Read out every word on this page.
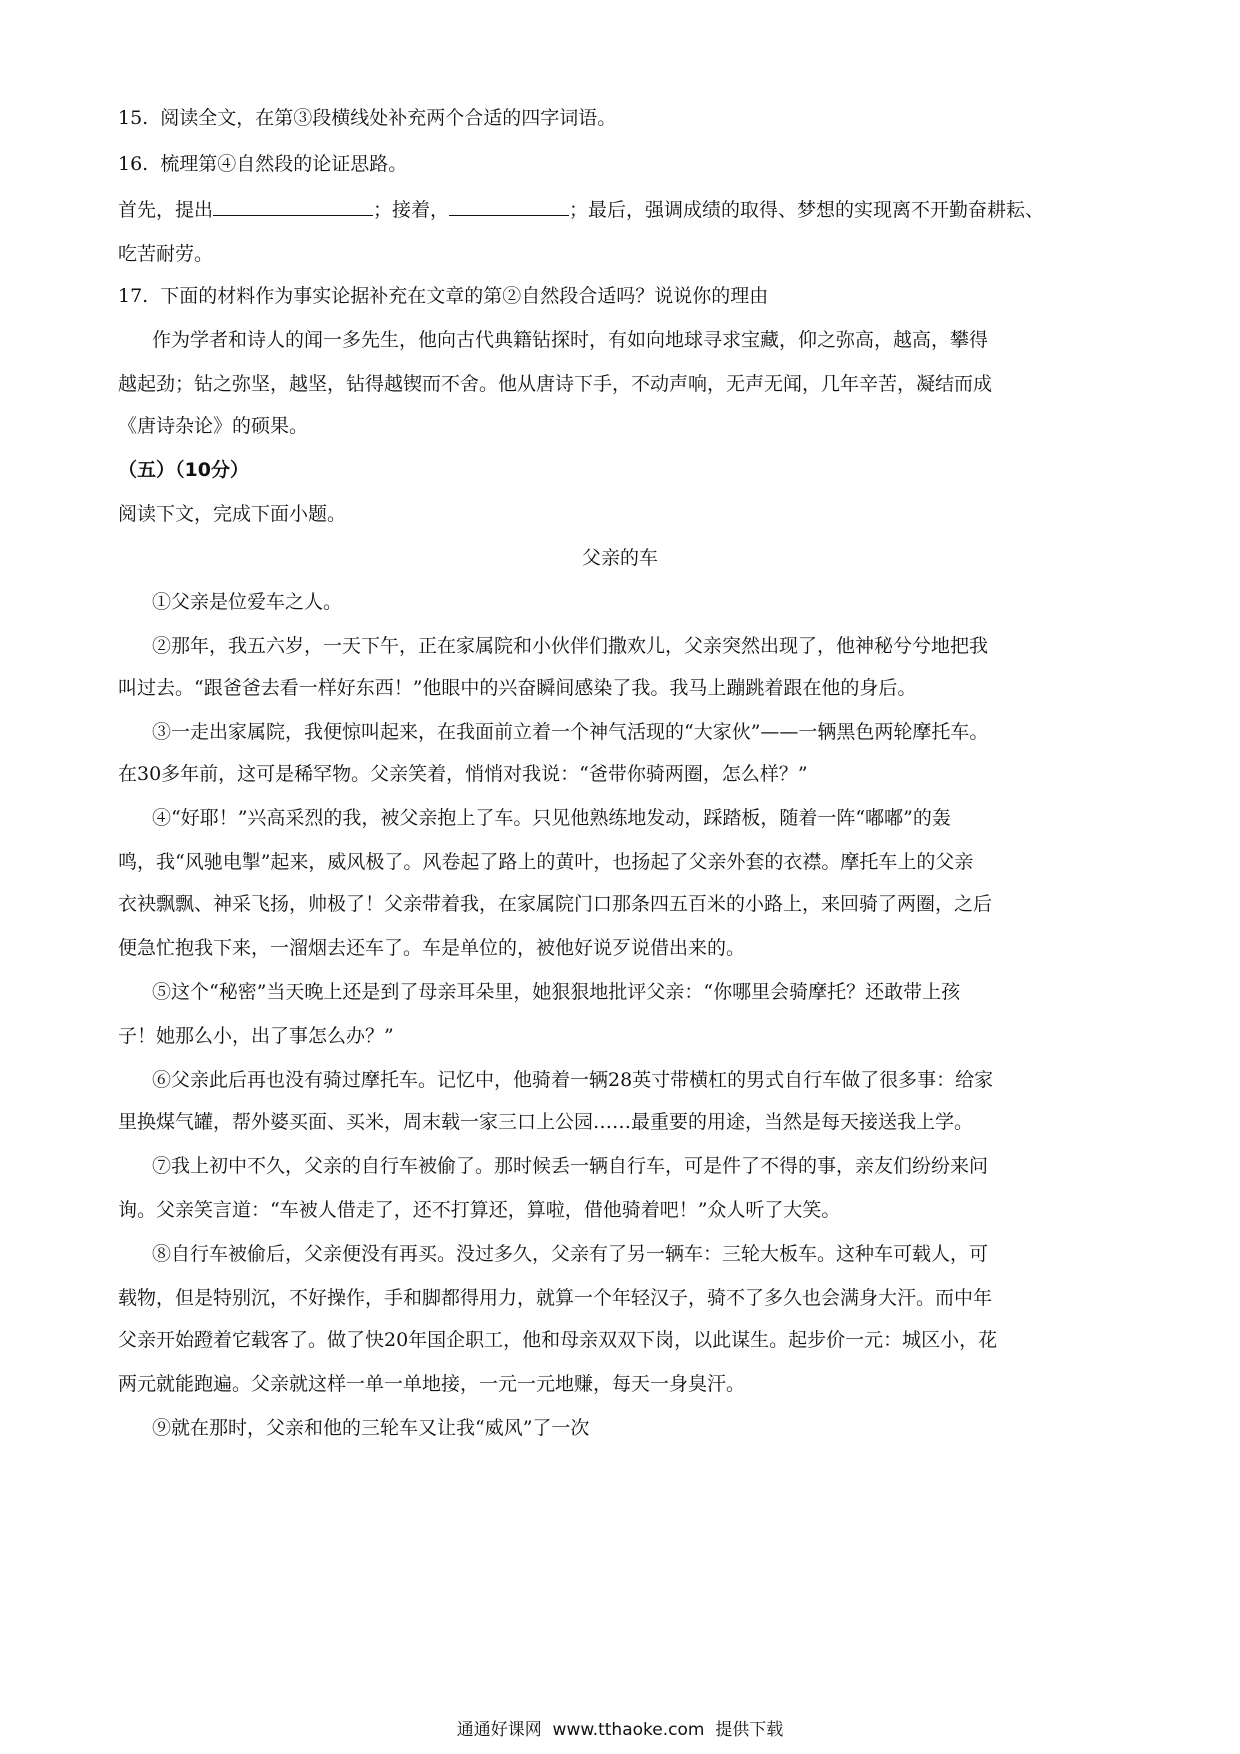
15.  阅读全文，在第③段横线处补充两个合适的四字词语。
16.  梳理第④自然段的论证思路。
首先，提出	；接着，	；最后，强调成绩的取得、梦想的实现离不开勤奋耕耘、
吃苦耐劳。
17.  下面的材料作为事实论据补充在文章的第②自然段合适吗？说说你的理由
作为学者和诗人的闻一多先生，他向古代典籍钻探时，有如向地球寻求宝藏，仰之弥高，越高，攀得
越起劲；钻之弥坚，越坚，钻得越锲而不舍。他从唐诗下手，不动声响，无声无闻，几年辛苦，凝结而成
《唐诗杂论》的硕果。
（五）（10分）
阅读下文，完成下面小题。
父亲的车
①父亲是位爱车之人。
②那年，我五六岁，一天下午，正在家属院和小伙伴们撒欢儿，父亲突然出现了，他神秘兮兮地把我
叫过去。“跟爸爸去看一样好东西！”他眼中的兴奋瞬间感染了我。我马上蹦跳着跟在他的身后。
③一走出家属院，我便惊叫起来，在我面前立着一个神气活现的“大家伙”——一辆黑色两轮摩托车。
在30多年前，这可是稀罕物。父亲笑着，悄悄对我说：“爸带你骑两圈，怎么样？”
④“好耶！”兴高采烈的我，被父亲抱上了车。只见他熟练地发动，踩踏板，随着一阵“嘟嘟”的轰
鸣，我“风驰电掣”起来，威风极了。风卷起了路上的黄叶，也扬起了父亲外套的衣襟。摩托车上的父亲
衣袂飘飘、神采飞扬，帅极了！父亲带着我，在家属院门口那条四五百米的小路上，来回骑了两圈，之后
便急忙抱我下来，一溜烟去还车了。车是单位的，被他好说歹说借出来的。
⑤这个“秘密”当天晚上还是到了母亲耳朵里，她狠狠地批评父亲：“你哪里会骑摩托？还敢带上孩
子！她那么小，出了事怎么办？”
⑥父亲此后再也没有骑过摩托车。记忆中，他骑着一辆28英寸带横杠的男式自行车做了很多事：给家
里换煤气罐，帮外婆买面、买米，周末载一家三口上公园……最重要的用途，当然是每天接送我上学。
⑦我上初中不久，父亲的自行车被偷了。那时候丢一辆自行车，可是件了不得的事，亲友们纷纷来问
询。父亲笑言道：“车被人借走了，还不打算还，算啦，借他骑着吧！”众人听了大笑。
⑧自行车被偷后，父亲便没有再买。没过多久，父亲有了另一辆车：三轮大板车。这种车可载人，可
载物，但是特别沉，不好操作，手和脚都得用力，就算一个年轻汉子，骑不了多久也会满身大汗。而中年
父亲开始蹬着它载客了。做了快20年国企职工，他和母亲双双下岗，以此谋生。起步价一元：城区小，花
两元就能跑遍。父亲就这样一单一单地接，一元一元地赚，每天一身臭汗。
⑨就在那时，父亲和他的三轮车又让我“威风”了一次
通通好课网  www.tthaoke.com  提供下载
